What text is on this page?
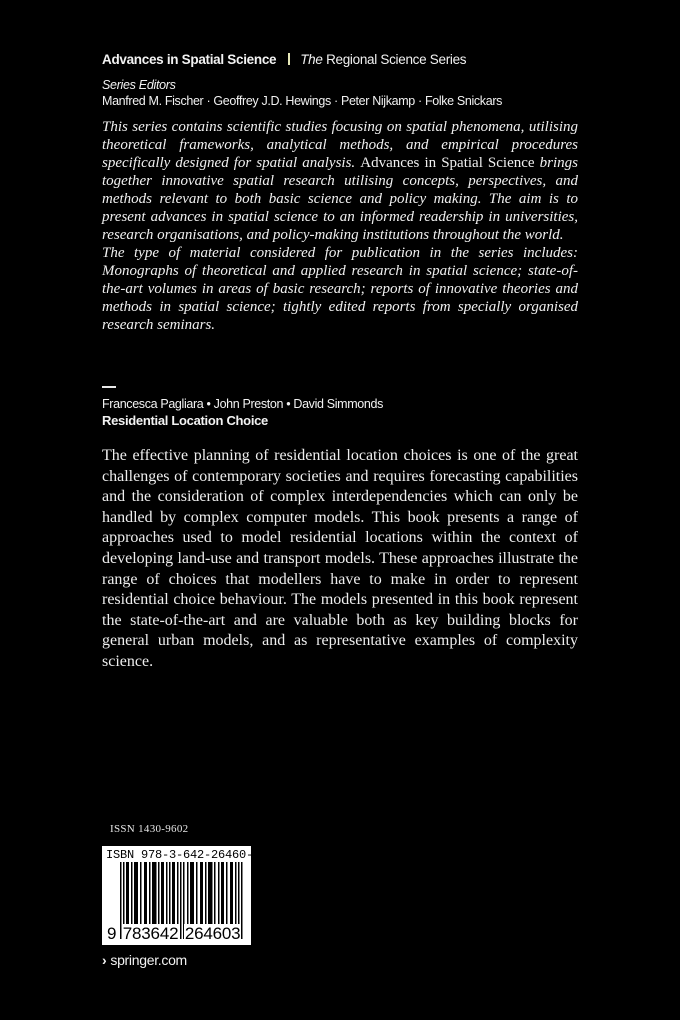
Advances in Spatial Science The Regional Science Series
Series Editors
Manfred M. Fischer · Geoffrey J.D. Hewings · Peter Nijkamp · Folke Snickars

This series contains scientific studies focusing on spatial phenomena, utilising theoretical frameworks, analytical methods, and empirical procedures specifically designed for spatial analysis. Advances in Spatial Science brings together innovative spatial research utilising concepts, perspectives, and methods relevant to both basic science and policy making. The aim is to present advances in spatial science to an informed readership in universities, research organisations, and policy-making institutions throughout the world.

The type of material considered for publication in the series includes: Monographs of theoretical and applied research in spatial science; state-of-the-art volumes in areas of basic research; reports of innovative theories and methods in spatial science; tightly edited reports from specially organised research seminars.

Francesca Pagliara • John Preston • David Simmonds
Residential Location Choice

The effective planning of residential location choices is one of the great challenges of contemporary societies and requires forecasting capabilities and the consideration of complex interdependencies which can only be handled by complex computer models. This book presents a range of approaches used to model residential locations within the context of developing land-use and transport models. These approaches illustrate the range of choices that modellers have to make in order to represent residential choice behaviour. The models presented in this book represent the state-of-the-art and are valuable both as key building blocks for general urban models, and as representative examples of complexity science.

ISSN 1430-9602
ISBN 978-3-642-26460-3
9 783642 264603
› springer.com
